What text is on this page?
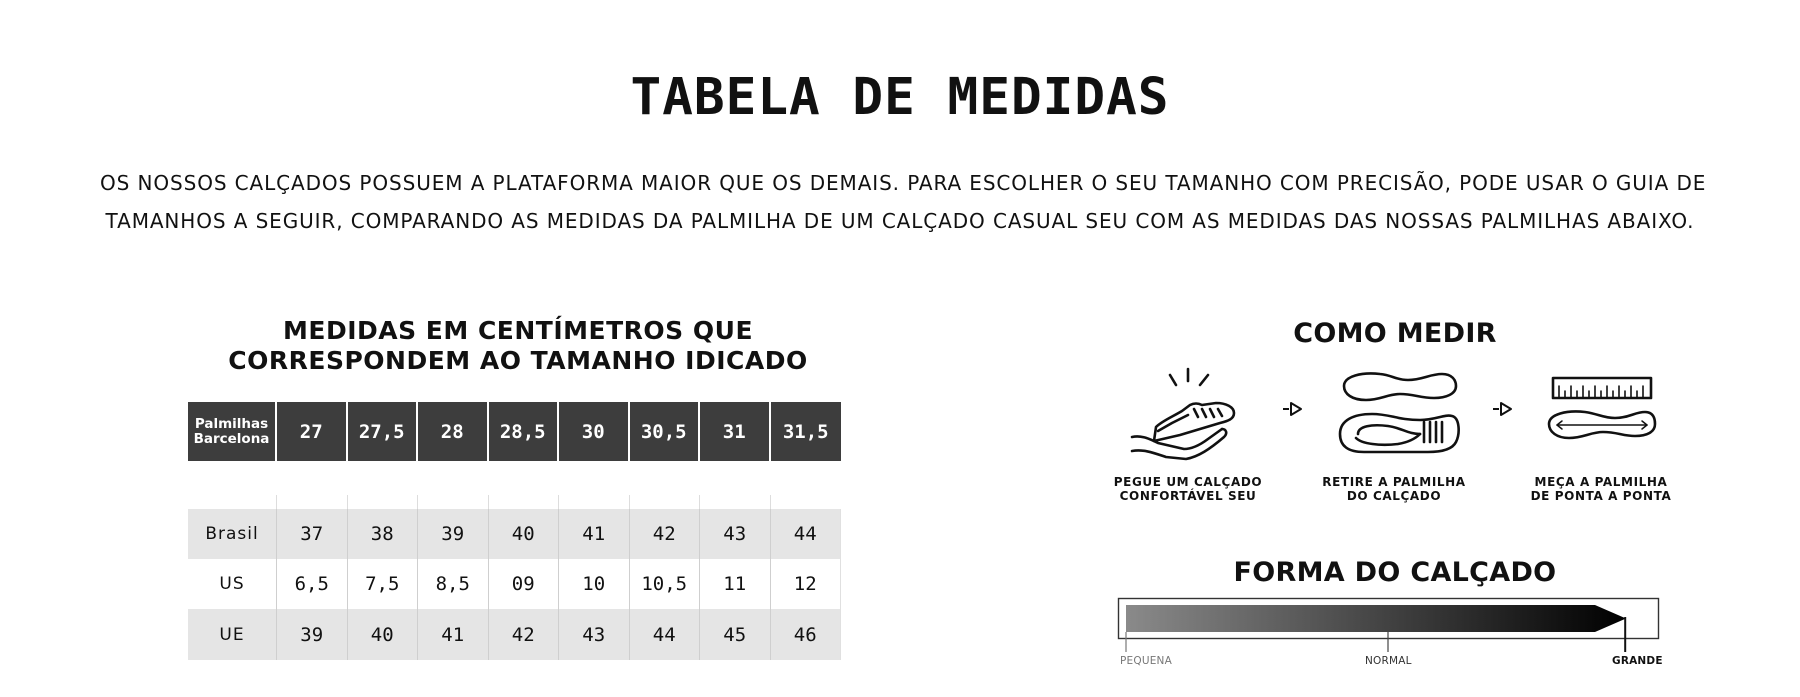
TABELA DE MEDIDAS

OS NOSSOS CALÇADOS POSSUEM A PLATAFORMA MAIOR QUE OS DEMAIS. PARA ESCOLHER O SEU TAMANHO COM PRECISÃO, PODE USAR O GUIA DE
TAMANHOS A SEGUIR, COMPARANDO AS MEDIDAS DA PALMILHA DE UM CALÇADO CASUAL SEU COM AS MEDIDAS DAS NOSSAS PALMILHAS ABAIXO.

MEDIDAS EM CENTÍMETROS QUE
CORRESPONDEM AO TAMANHO IDICADO
Palmilhas
Barcelona	27	27,5	28	28,5	30	30,5	31	31,5
Brasil	37	38	39	40	41	42	43	44
US	6,5	7,5	8,5	09	10	10,5	11	12
UE	39	40	41	42	43	44	45	46
COMO MEDIR

PEGUE UM CALÇADO
CONFORTÁVEL SEU

RETIRE A PALMILHA
DO CALÇADO

MEÇA A PALMILHA
DE PONTA A PONTA

FORMA DO CALÇADO
PEQUENA	NORMAL	GRANDE
